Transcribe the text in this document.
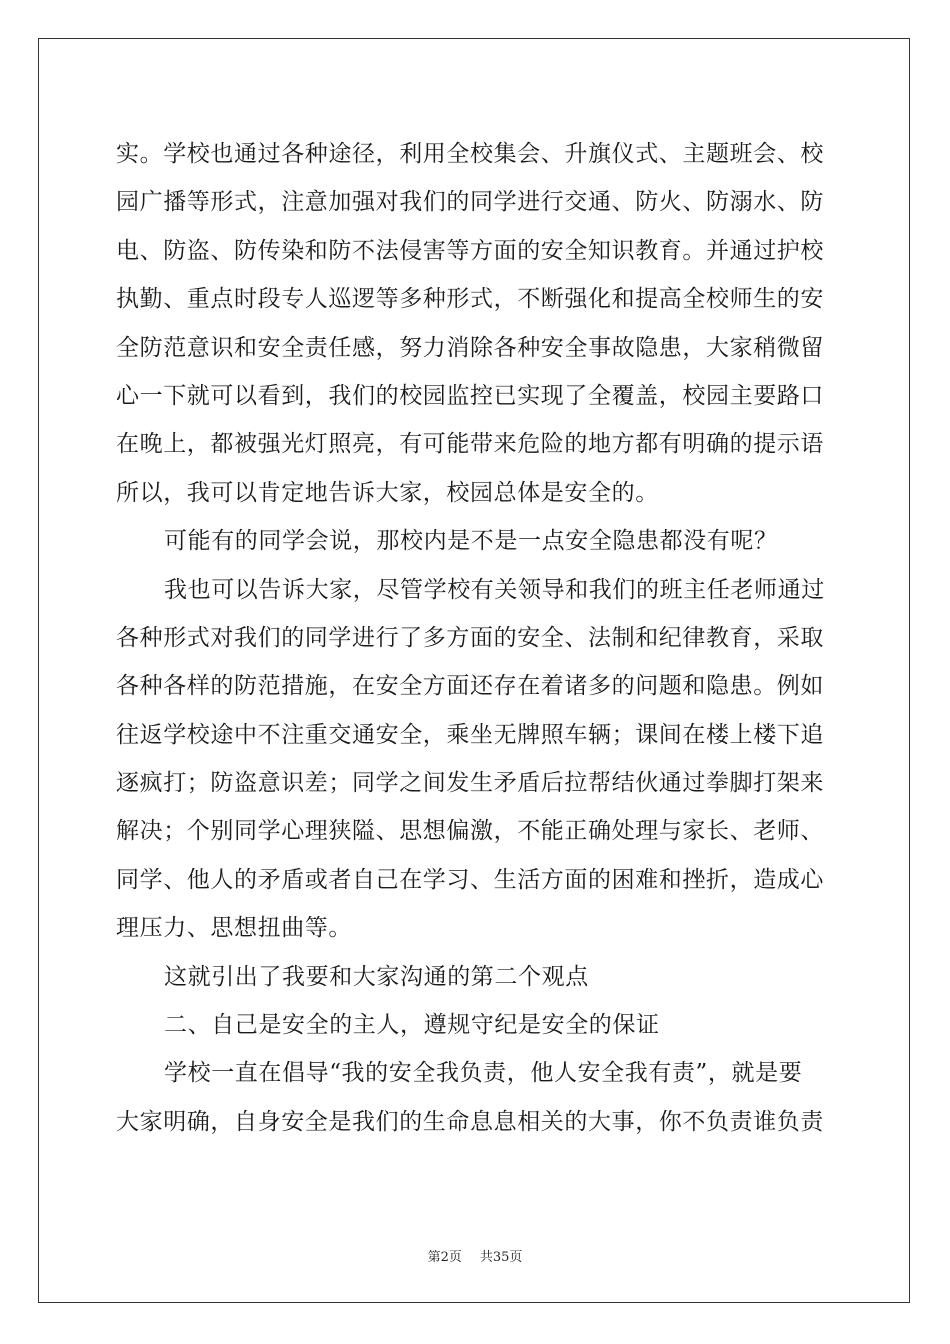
实。学校也通过各种途径，利用全校集会、升旗仪式、主题班会、校
园广播等形式，注意加强对我们的同学进行交通、防火、防溺水、防
电、防盗、防传染和防不法侵害等方面的安全知识教育。并通过护校
执勤、重点时段专人巡逻等多种形式，不断强化和提高全校师生的安
全防范意识和安全责任感，努力消除各种安全事故隐患，大家稍微留
心一下就可以看到，我们的校园监控已实现了全覆盖，校园主要路口
在晚上，都被强光灯照亮，有可能带来危险的地方都有明确的提示语
所以，我可以肯定地告诉大家，校园总体是安全的。
可能有的同学会说，那校内是不是一点安全隐患都没有呢？
我也可以告诉大家，尽管学校有关领导和我们的班主任老师通过
各种形式对我们的同学进行了多方面的安全、法制和纪律教育，采取
各种各样的防范措施，在安全方面还存在着诸多的问题和隐患。例如
往返学校途中不注重交通安全，乘坐无牌照车辆；课间在楼上楼下追
逐疯打；防盗意识差；同学之间发生矛盾后拉帮结伙通过拳脚打架来
解决；个别同学心理狭隘、思想偏激，不能正确处理与家长、老师、
同学、他人的矛盾或者自己在学习、生活方面的困难和挫折，造成心
理压力、思想扭曲等。
这就引出了我要和大家沟通的第二个观点
二、自己是安全的主人，遵规守纪是安全的保证
学校一直在倡导“我的安全我负责，他人安全我有责”，就是要
大家明确，自身安全是我们的生命息息相关的大事，你不负责谁负责
第2页 共35页
